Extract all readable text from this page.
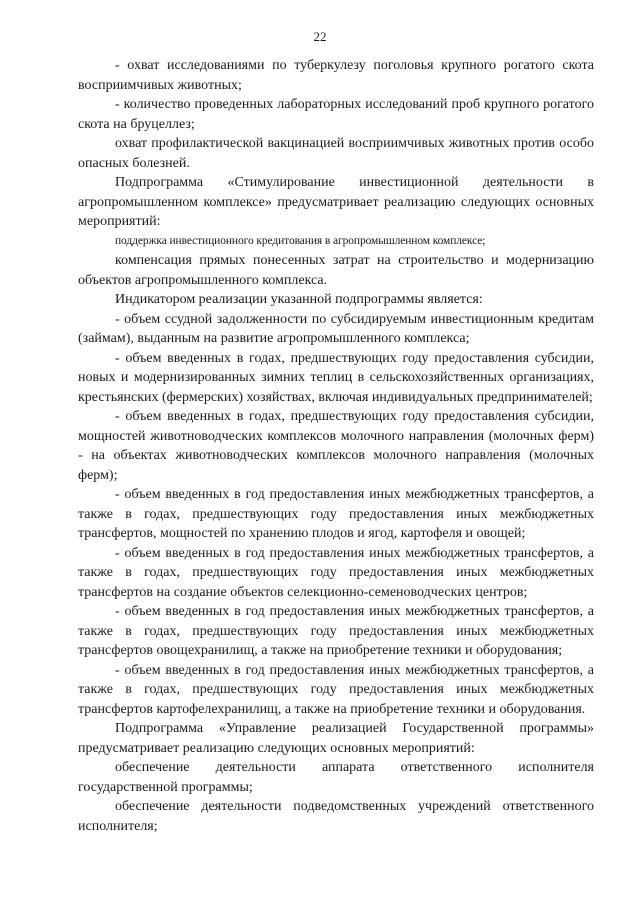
22

- охват исследованиями по туберкулезу поголовья крупного рогатого скота восприимчивых животных;

- количество проведенных лабораторных исследований проб крупного рогатого скота на бруцеллез;

охват профилактической вакцинацией восприимчивых животных против особо опасных болезней.

Подпрограмма «Стимулирование инвестиционной деятельности в агропромышленном комплексе» предусматривает реализацию следующих основных мероприятий:

поддержка инвестиционного кредитования в агропромышленном комплексе;

компенсация прямых понесенных затрат на строительство и модернизацию объектов агропромышленного комплекса.

Индикатором реализации указанной подпрограммы является:

- объем ссудной задолженности по субсидируемым инвестиционным кредитам (займам), выданным на развитие агропромышленного комплекса;

- объем введенных в годах, предшествующих году предоставления субсидии, новых и модернизированных зимних теплиц в сельскохозяйственных организациях, крестьянских (фермерских) хозяйствах, включая индивидуальных предпринимателей;

- объем введенных в годах, предшествующих году предоставления субсидии, мощностей животноводческих комплексов молочного направления (молочных ферм) - на объектах животноводческих комплексов молочного направления (молочных ферм);

- объем введенных в год предоставления иных межбюджетных трансфертов, а также в годах, предшествующих году предоставления иных межбюджетных трансфертов, мощностей по хранению плодов и ягод, картофеля и овощей;

- объем введенных в год предоставления иных межбюджетных трансфертов, а также в годах, предшествующих году предоставления иных межбюджетных трансфертов на создание объектов селекционно-семеноводческих центров;

- объем введенных в год предоставления иных межбюджетных трансфертов, а также в годах, предшествующих году предоставления иных межбюджетных трансфертов овощехранилищ, а также на приобретение техники и оборудования;

- объем введенных в год предоставления иных межбюджетных трансфертов, а также в годах, предшествующих году предоставления иных межбюджетных трансфертов картофелехранилищ, а также на приобретение техники и оборудования.

Подпрограмма «Управление реализацией Государственной программы» предусматривает реализацию следующих основных мероприятий:

обеспечение деятельности аппарата ответственного исполнителя государственной программы;

обеспечение деятельности подведомственных учреждений ответственного исполнителя;
